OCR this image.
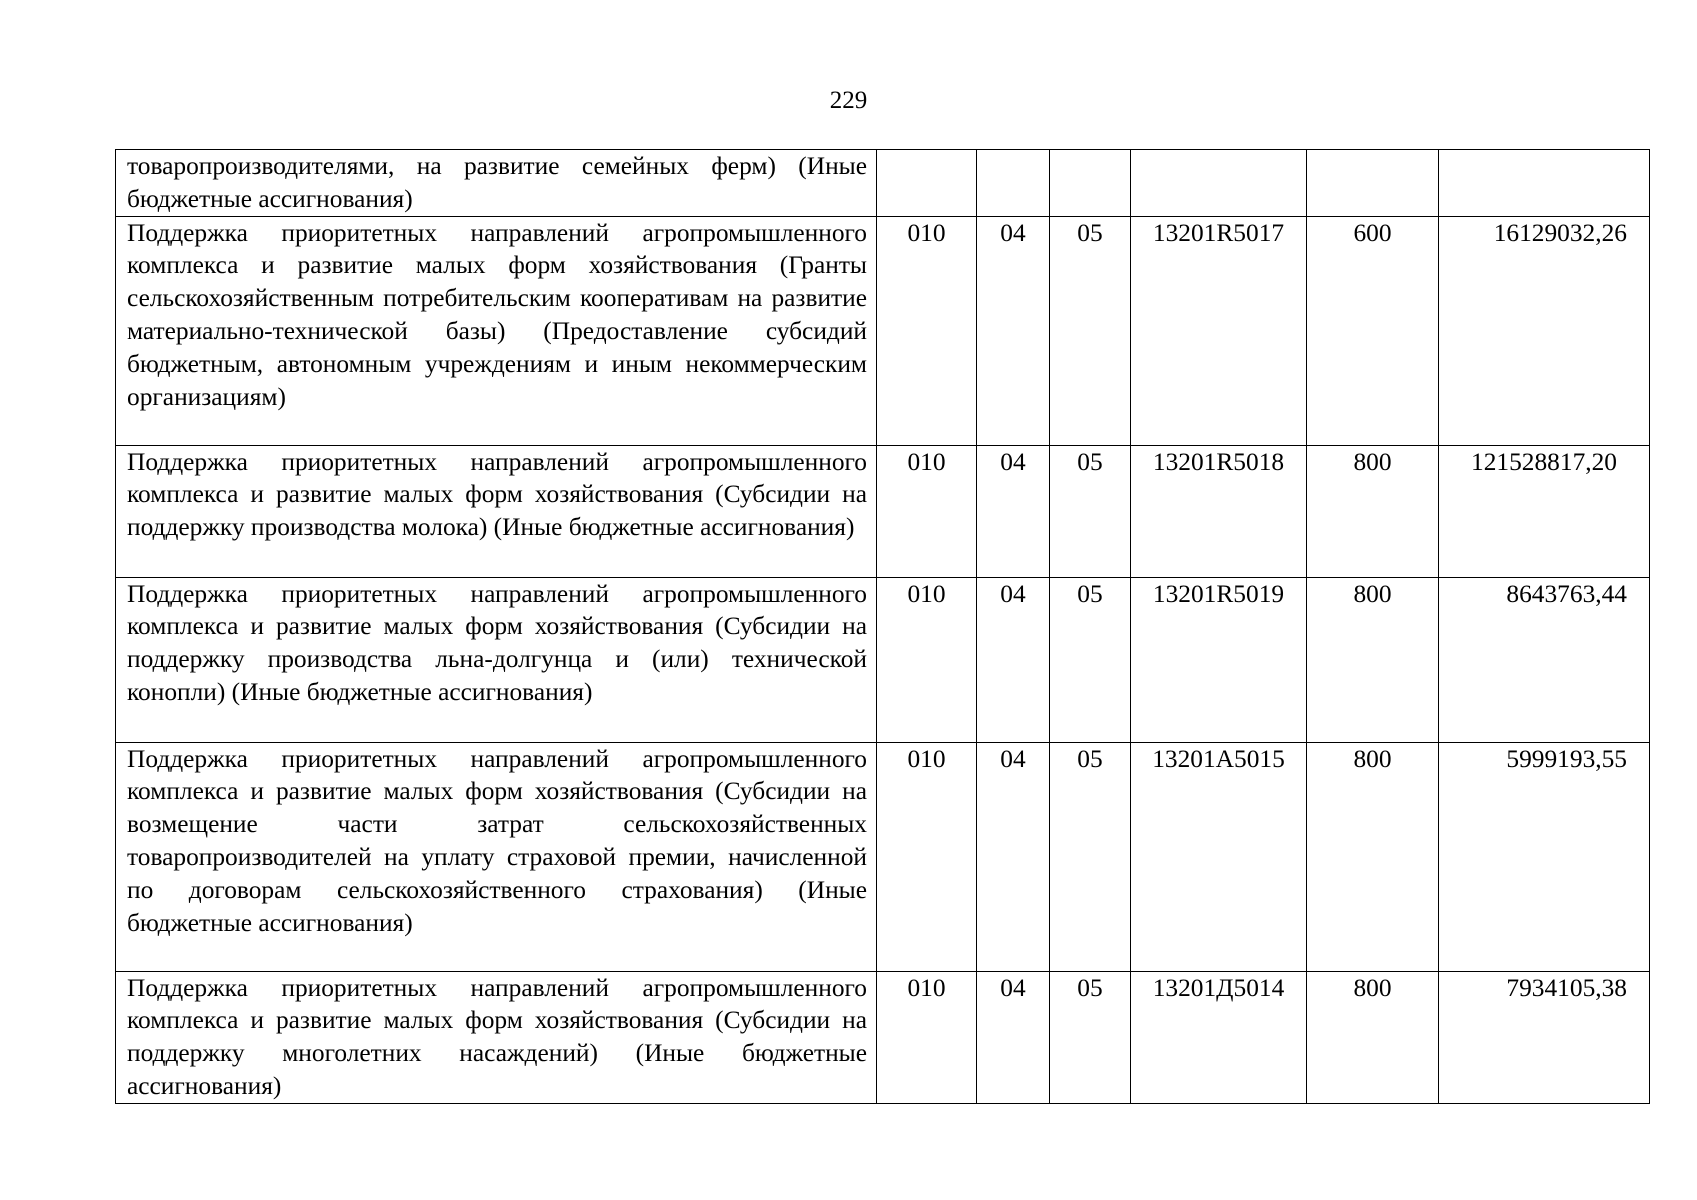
229
товаропроизводителями, на развитие семейных ферм) (Иные бюджетные ассигнования)						
Поддержка приоритетных направлений агропромышленного комплекса и развитие малых форм хозяйствования (Гранты сельскохозяйственным потребительским кооперативам на развитие материально-технической базы) (Предоставление субсидий бюджетным, автономным учреждениям и иным некоммерческим организациям)	010	04	05	13201R5017	600	16129032,26
Поддержка приоритетных направлений агропромышленного комплекса и развитие малых форм хозяйствования (Субсидии на поддержку производства молока) (Иные бюджетные ассигнования)	010	04	05	13201R5018	800	121528817,20
Поддержка приоритетных направлений агропромышленного комплекса и развитие малых форм хозяйствования (Субсидии на поддержку производства льна-долгунца и (или) технической конопли) (Иные бюджетные ассигнования)	010	04	05	13201R5019	800	8643763,44
Поддержка приоритетных направлений агропромышленного комплекса и развитие малых форм хозяйствования (Субсидии на возмещение части затрат сельскохозяйственных товаропроизводителей на уплату страховой премии, начисленной по договорам сельскохозяйственного страхования) (Иные бюджетные ассигнования)	010	04	05	13201А5015	800	5999193,55
Поддержка приоритетных направлений агропромышленного комплекса и развитие малых форм хозяйствования (Субсидии на поддержку многолетних насаждений) (Иные бюджетные ассигнования)	010	04	05	13201Д5014	800	7934105,38
